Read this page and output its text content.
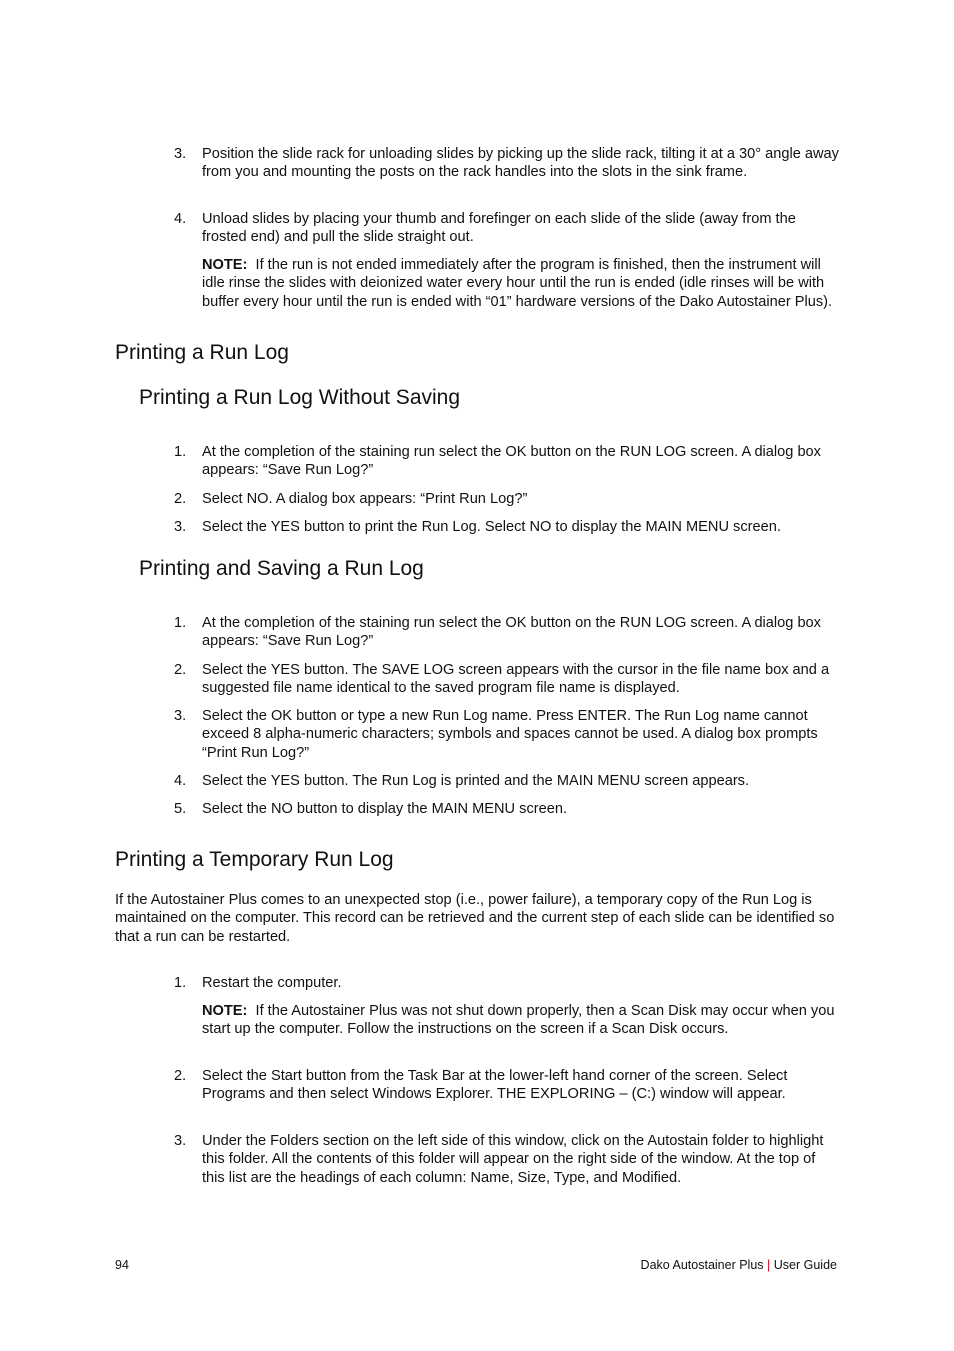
3.	Position the slide rack for unloading slides by picking up the slide rack, tilting it at a 30° angle away from you and mounting the posts on the rack handles into the slots in the sink frame.
4.	Unload slides by placing your thumb and forefinger on each slide of the slide (away from the frosted end) and pull the slide straight out.
NOTE: If the run is not ended immediately after the program is finished, then the instrument will idle rinse the slides with deionized water every hour until the run is ended (idle rinses will be with buffer every hour until the run is ended with “01” hardware versions of the Dako Autostainer Plus).
Printing a Run Log
Printing a Run Log Without Saving
1.	At the completion of the staining run select the OK button on the RUN LOG screen. A dialog box appears: “Save Run Log?”
2.	Select NO. A dialog box appears: “Print Run Log?”
3.	Select the YES button to print the Run Log. Select NO to display the MAIN MENU screen.
Printing and Saving a Run Log
1.	At the completion of the staining run select the OK button on the RUN LOG screen. A dialog box appears: “Save Run Log?”
2.	Select the YES button. The SAVE LOG screen appears with the cursor in the file name box and a suggested file name identical to the saved program file name is displayed.
3.	Select the OK button or type a new Run Log name. Press ENTER. The Run Log name cannot exceed 8 alpha-numeric characters; symbols and spaces cannot be used. A dialog box prompts “Print Run Log?”
4.	Select the YES button. The Run Log is printed and the MAIN MENU screen appears.
5.	Select the NO button to display the MAIN MENU screen.
Printing a Temporary Run Log
If the Autostainer Plus comes to an unexpected stop (i.e., power failure), a temporary copy of the Run Log is maintained on the computer. This record can be retrieved and the current step of each slide can be identified so that a run can be restarted.
1.	Restart the computer.
NOTE: If the Autostainer Plus was not shut down properly, then a Scan Disk may occur when you start up the computer. Follow the instructions on the screen if a Scan Disk occurs.
2.	Select the Start button from the Task Bar at the lower-left hand corner of the screen. Select Programs and then select Windows Explorer. THE EXPLORING – (C:) window will appear.
3.	Under the Folders section on the left side of this window, click on the Autostain folder to highlight this folder. All the contents of this folder will appear on the right side of the window. At the top of this list are the headings of each column: Name, Size, Type, and Modified.
94	Dako Autostainer Plus | User Guide
